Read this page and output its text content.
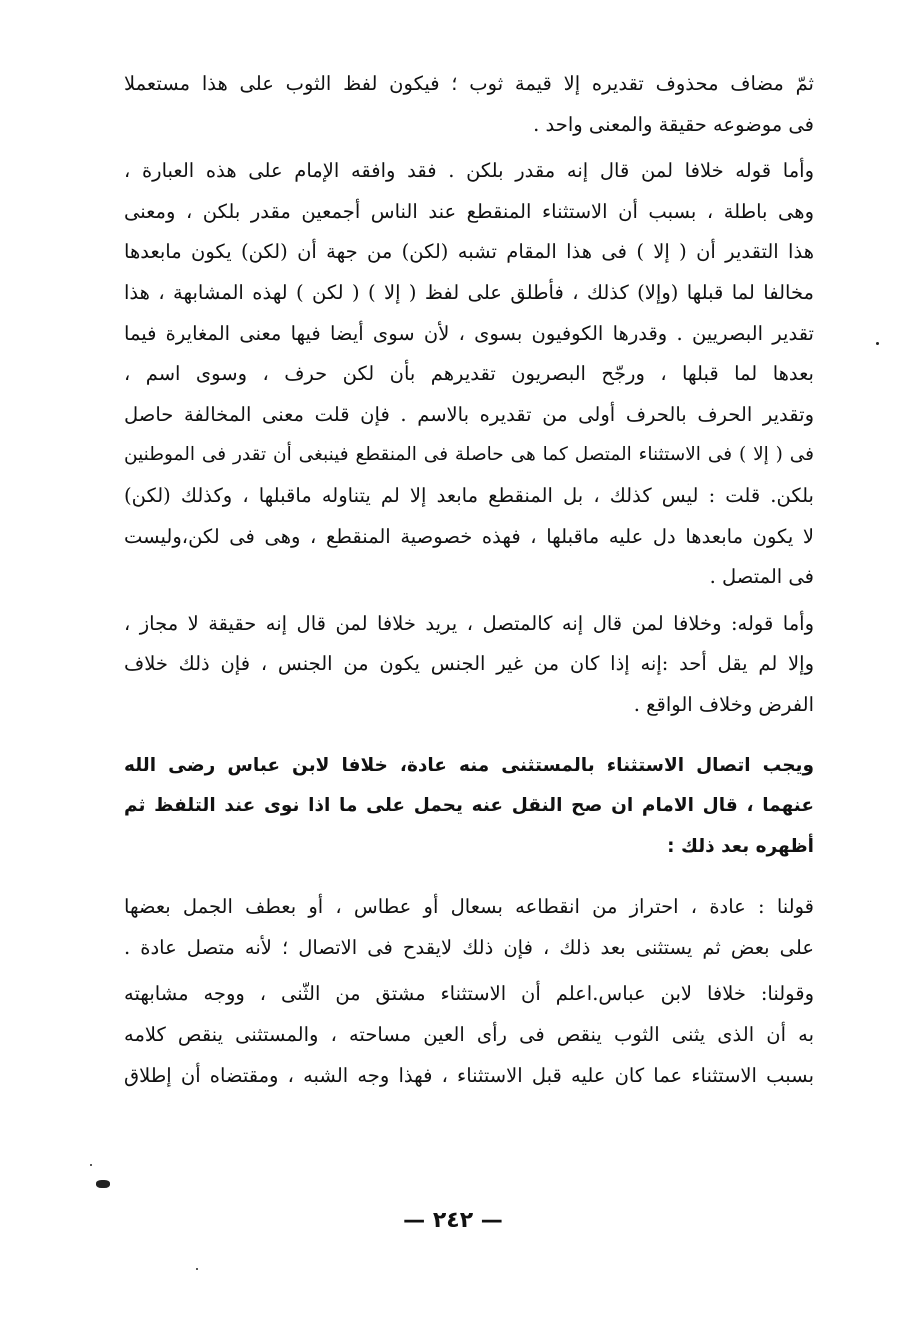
ثمّ مضاف محذوف تقديره إلا قيمة ثوب ؛ فيكون لفظ الثوب على هذا مستعملا
فى موضوعه حقيقة والمعنى واحد .
وأما قوله خلافا لمن قال إنه مقدر بلكن . فقد وافقه الإمام على هذه العبارة ،
وهى باطلة ، بسبب أن الاستثناء المنقطع عند الناس أجمعين مقدر بلكن ، ومعنى
هذا التقدير أن ( إلا ) فى هذا المقام تشبه (لكن) من جهة أن (لكن) يكون مابعدها
مخالفا لما قبلها (وإلا) كذلك ، فأطلق على لفظ ( إلا ) ( لكن ) لهذه المشابهة ، هذا
تقدير البصريين . وقدرها الكوفيون بسوى ، لأن سوى أيضا فيها معنى المغايرة فيما
بعدها لما قبلها ، ورجّح البصريون تقديرهم بأن لكن حرف ، وسوى اسم ،
وتقدير الحرف بالحرف أولى من تقديره بالاسم . فإن قلت معنى المخالفة حاصل
فى ( إلا ) فى الاستثناء المتصل كما هى حاصلة فى المنقطع فينبغى أن تقدر فى الموطنين
بلكن. قلت : ليس كذلك ، بل المنقطع مابعد إلا لم يتناوله ماقبلها ، وكذلك (لكن)
لا يكون مابعدها دل عليه ماقبلها ، فهذه خصوصية المنقطع ، وهى فى لكن،وليست
فى المتصل .
وأما قوله: وخلافا لمن قال إنه كالمتصل ، يريد خلافا لمن قال إنه حقيقة لا مجاز ،
وإلا لم يقل أحد :إنه إذا كان من غير الجنس يكون من الجنس ، فإن ذلك خلاف
الفرض وخلاف الواقع .
ويجب اتصال الاستثناء بالمستثنى منه عادة، خلافا لابن عباس رضى الله
عنهما ، قال الامام ان صح النقل عنه يحمل على ما اذا نوى عند التلفظ ثم
أظهره بعد ذلك :
قولنا : عادة ، احتراز من انقطاعه بسعال أو عطاس ، أو بعطف الجمل بعضها
على بعض ثم يستثنى بعد ذلك ، فإن ذلك لايقدح فى الاتصال ؛ لأنه متصل عادة .
وقولنا: خلافا لابن عباس.اعلم أن الاستثناء مشتق من الثّنى ، ووجه مشابهته
به أن الذى يثنى الثوب ينقص فى رأى العين مساحته ، والمستثنى ينقص كلامه
بسبب الاستثناء عما كان عليه قبل الاستثناء ، فهذا وجه الشبه ، ومقتضاه أن إطلاق
— ٢٤٢ —
